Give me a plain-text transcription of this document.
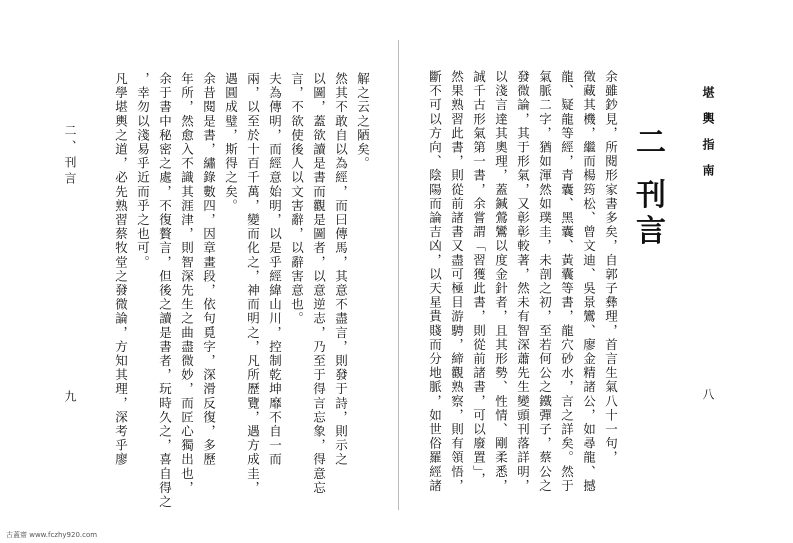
堪輿指南
二 刊言
余雖鈔見，所閱形家書多矣，自郭子彝理，首言生氣八十一句，
徵藏其機，繼而楊筠松、曾文迪、吳景鸞、廖金精諸公，如尋龍、撼
龍、疑龍等經，青囊、黑囊、黃囊等書，龍穴砂水，言之詳矣。然于
氣脈二字，猶如渾然如璞圭，未剖之初，至若何公之鐵彈子，蔡公之
發微論，其于形氣，又彰彰較著，然未有智深蕭先生變頭刊落詳明，
以淺言達其奧理，蓋鍼鶯鸞以度金針者，且其形勢、性情、剛柔悉，
誠千古形氣第一書，余嘗謂「習獲此書，則從前諸書，可以廢置」，
然果熟習此書，則從前諸書又盡可極目游騁，締觀熟察，則有領悟，
斷不可以方向、陰陽而論吉凶，以天星貴賤而分地脈，如世俗羅經諸	八
解之云之陋矣。
然其不敢自以為經，而曰傳馬，其意不盡言，則發于詩，則示之
以圖，蓋欲讀是書而觀是圖者，以意逆志，乃至于得言忘象，得意忘
言，不欲使後人以文害辭，以辭害意也。
夫為傳明，而經意始明，以是乎經緯山川，控制乾坤靡不自一而
兩，以至於十百千萬，變而化之，神而明之，凡所歷覽，遇方成圭，
遇圓成璧，斯得之矣。
余昔閱是書，繡錄數四，因章畫段，依句覓字，深滑反復，多歷
年所，然愈入不識其涯津，則智深先生之曲盡微妙，而匠心獨出也，
余于書中秘密之處，不復贅言，但後之讀是書者，玩時久之，喜自得之
，幸勿以淺易乎近而乎之也可。
凡學堪輿之道，必先熟習蔡牧堂之發微論，方知其理，深考乎廖
二、刊言
九
古蓋齋 www.fczhy920.com
